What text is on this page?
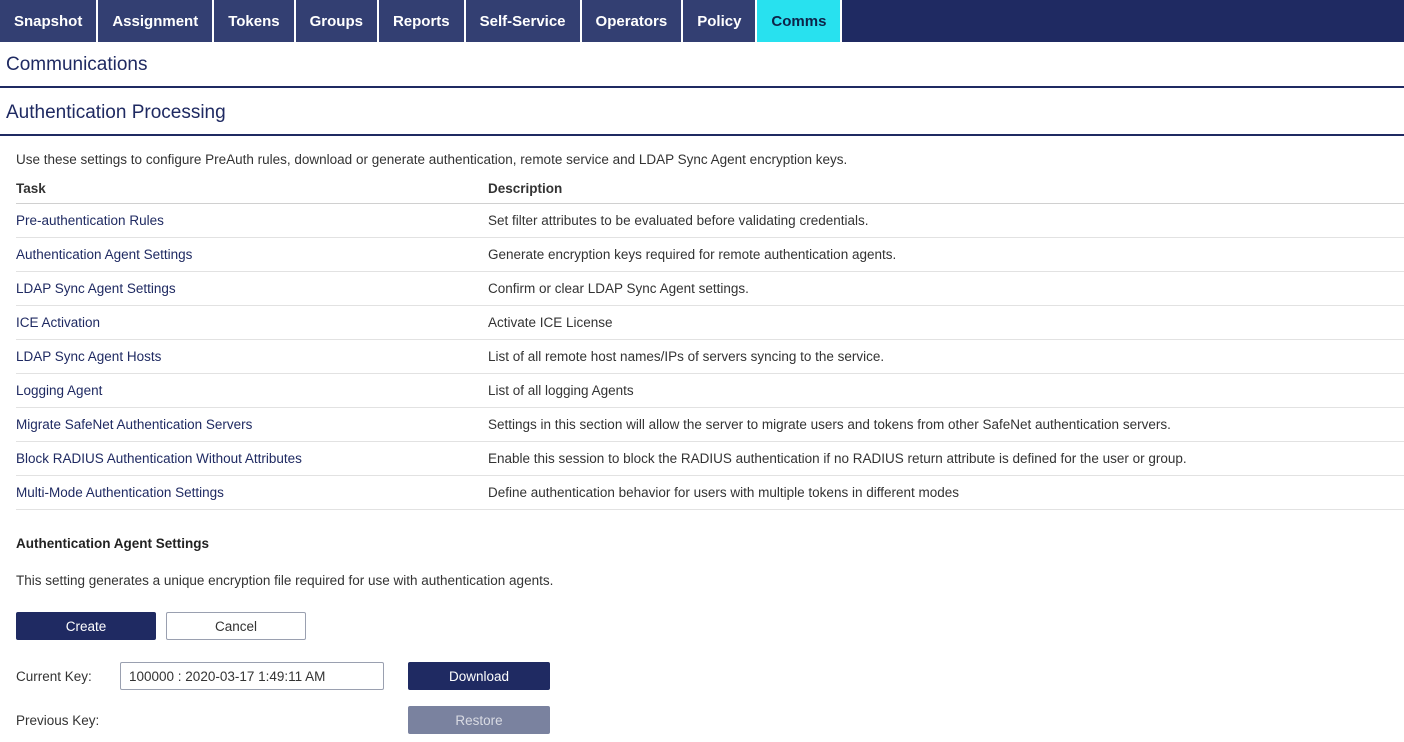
Snapshot	Assignment	Tokens	Groups	Reports	Self-Service	Operators	Policy	Comms
Communications
Authentication Processing
Use these settings to configure PreAuth rules, download or generate authentication, remote service and LDAP Sync Agent encryption keys.
Task	Description
Pre-authentication Rules	Set filter attributes to be evaluated before validating credentials.
Authentication Agent Settings	Generate encryption keys required for remote authentication agents.
LDAP Sync Agent Settings	Confirm or clear LDAP Sync Agent settings.
ICE Activation	Activate ICE License
LDAP Sync Agent Hosts	List of all remote host names/IPs of servers syncing to the service.
Logging Agent	List of all logging Agents
Migrate SafeNet Authentication Servers	Settings in this section will allow the server to migrate users and tokens from other SafeNet authentication servers.
Block RADIUS Authentication Without Attributes	Enable this session to block the RADIUS authentication if no RADIUS return attribute is defined for the user or group.
Multi-Mode Authentication Settings	Define authentication behavior for users with multiple tokens in different modes
Authentication Agent Settings
This setting generates a unique encryption file required for use with authentication agents.
Create	Cancel
Current Key:
100000 : 2020-03-17 1:49:11 AM	Download
Previous Key:	Restore
